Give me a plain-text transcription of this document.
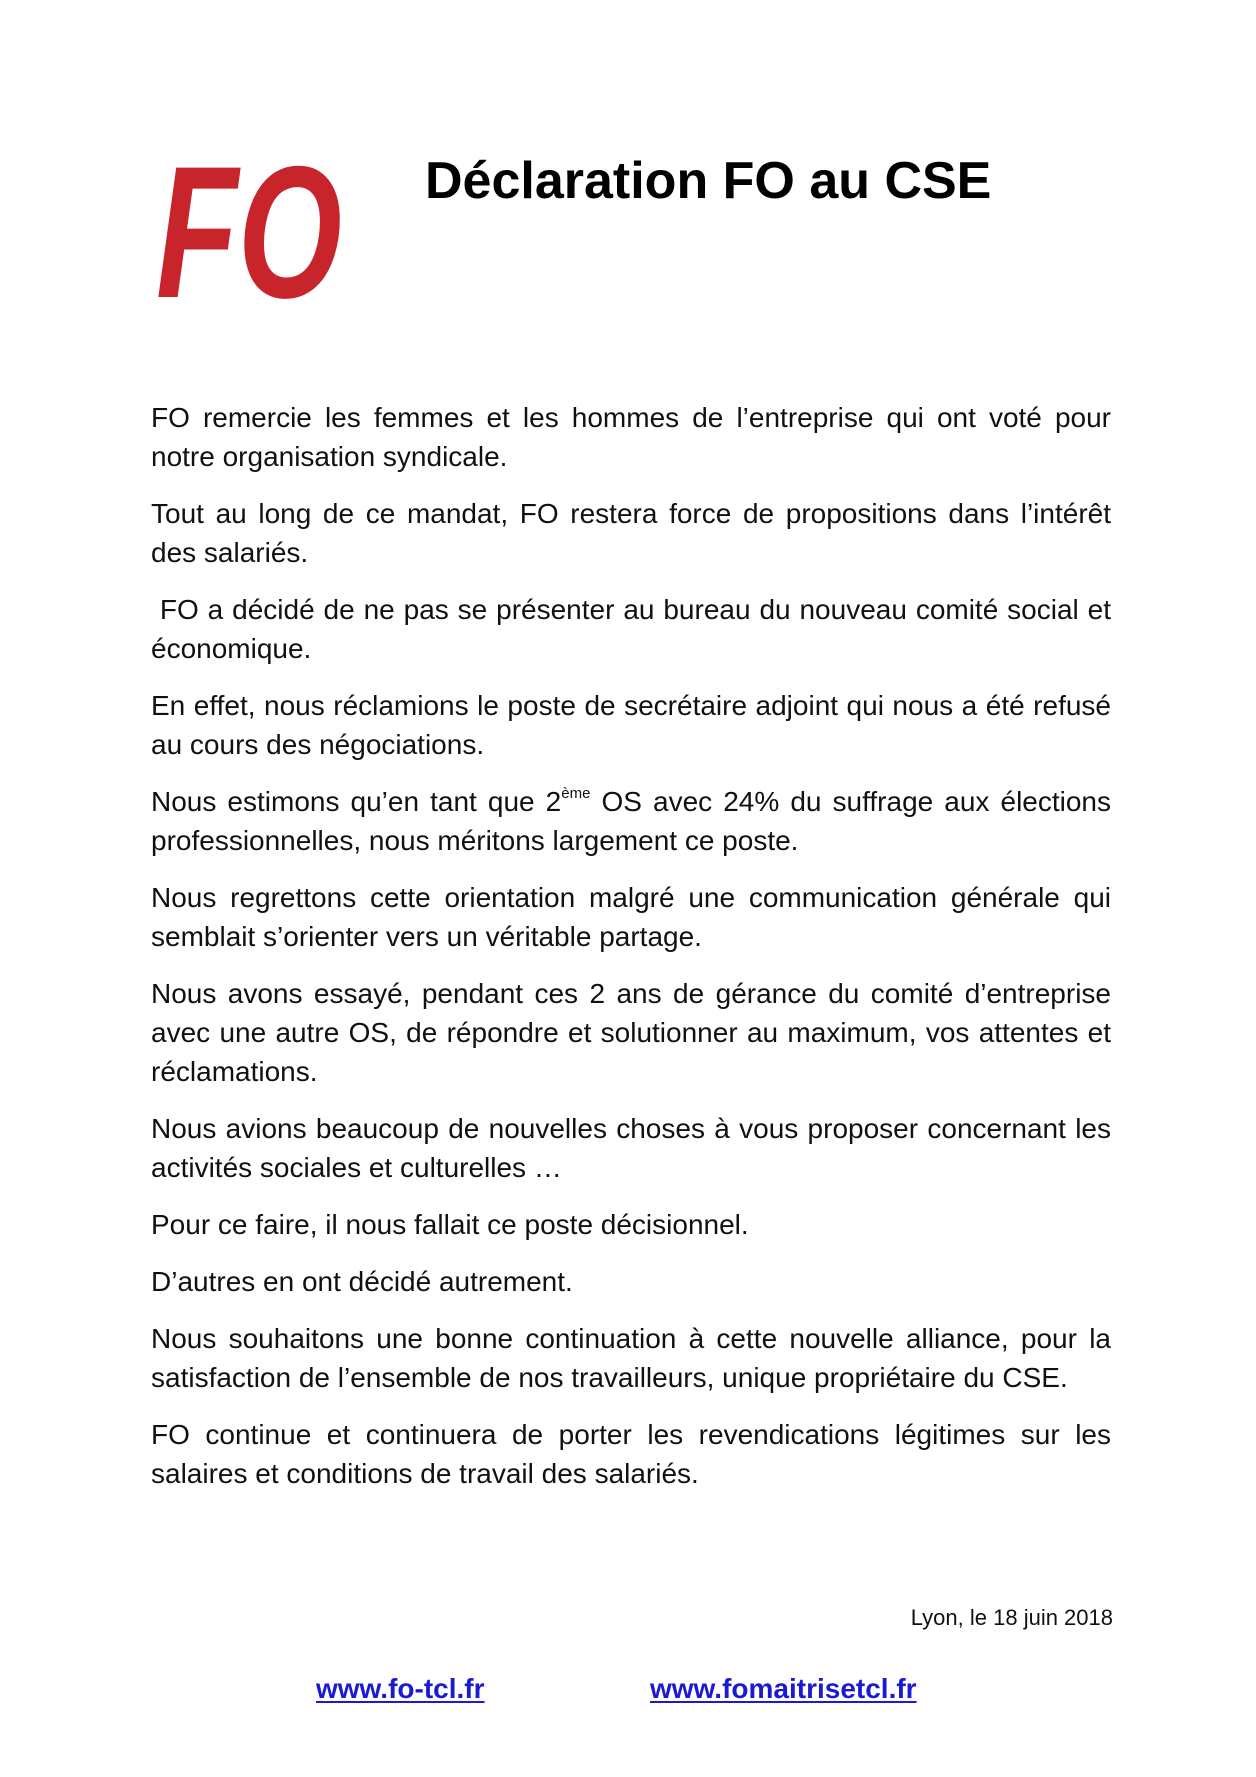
FO Déclaration FO au CSE

FO remercie les femmes et les hommes de l’entreprise qui ont voté pour notre organisation syndicale.

Tout au long de ce mandat, FO restera force de propositions dans l’intérêt des salariés.

FO a décidé de ne pas se présenter au bureau du nouveau comité social et économique.

En effet, nous réclamions le poste de secrétaire adjoint qui nous a été refusé au cours des négociations.

Nous estimons qu’en tant que 2ème OS avec 24% du suffrage aux élections professionnelles, nous méritons largement ce poste.

Nous regrettons cette orientation malgré une communication générale qui semblait s’orienter vers un véritable partage.

Nous avons essayé, pendant ces 2 ans de gérance du comité d’entreprise avec une autre OS, de répondre et solutionner au maximum, vos attentes et réclamations.

Nous avions beaucoup de nouvelles choses à vous proposer concernant les activités sociales et culturelles …

Pour ce faire, il nous fallait ce poste décisionnel.

D’autres en ont décidé autrement.

Nous souhaitons une bonne continuation à cette nouvelle alliance, pour la satisfaction de l’ensemble de nos travailleurs, unique propriétaire du CSE.

FO continue et continuera de porter les revendications légitimes sur les salaires et conditions de travail des salariés.

Lyon, le 18 juin 2018

www.fo-tcl.fr	www.fomaitrisetcl.fr
